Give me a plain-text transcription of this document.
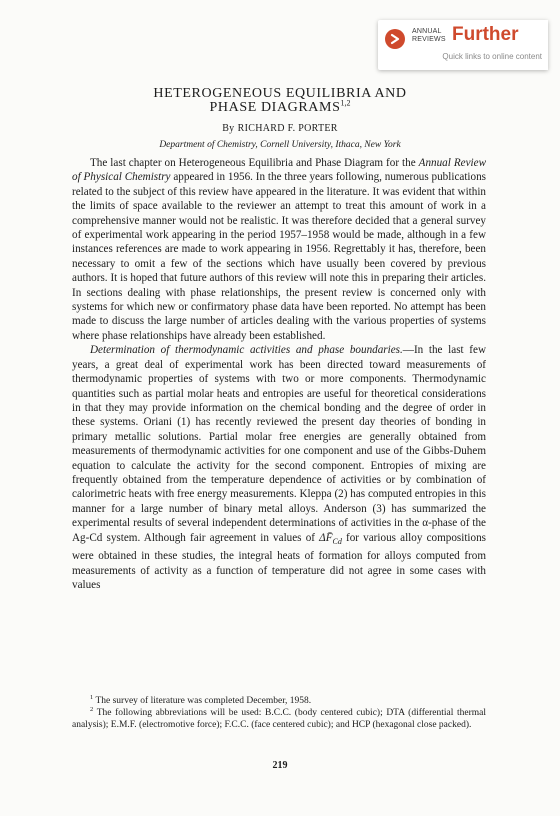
ANNUAL
REVIEWS Further
Quick links to online content
HETEROGENEOUS EQUILIBRIA AND
PHASE DIAGRAMS$^{1,2}$
By RICHARD F. PORTER
Department of Chemistry, Cornell University, Ithaca, New York

The last chapter on Heterogeneous Equilibria and Phase Diagram for the Annual Review of Physical Chemistry appeared in 1956. In the three years following, numerous publications related to the subject of this review have appeared in the literature. It was evident that within the limits of space available to the reviewer an attempt to treat this amount of work in a comprehensive manner would not be realistic. It was therefore decided that a general survey of experimental work appearing in the period 1957–1958 would be made, although in a few instances references are made to work appearing in 1956. Regrettably it has, therefore, been necessary to omit a few of the sections which have usually been covered by previous authors. It is hoped that future authors of this review will note this in preparing their articles. In sections dealing with phase relationships, the present review is concerned only with systems for which new or confirmatory phase data have been reported. No attempt has been made to discuss the large number of articles dealing with the various properties of systems where phase relationships have already been established.

Determination of thermodynamic activities and phase boundaries.—In the last few years, a great deal of experimental work has been directed toward measurements of thermodynamic properties of systems with two or more components. Thermodynamic quantities such as partial molar heats and entropies are useful for theoretical considerations in that they may provide information on the chemical bonding and the degree of order in these systems. Oriani (1) has recently reviewed the present day theories of bonding in primary metallic solutions. Partial molar free energies are generally obtained from measurements of thermodynamic activities for one component and use of the Gibbs-Duhem equation to calculate the activity for the second component. Entropies of mixing are frequently obtained from the temperature dependence of activities or by combination of calorimetric heats with free energy measurements. Kleppa (2) has computed entropies in this manner for a large number of binary metal alloys. Anderson (3) has summarized the experimental results of several independent determinations of activities in the α-phase of the Ag-Cd system. Although fair agreement in values of $\Delta F̄_{Cd}$ for various alloy compositions were obtained in these studies, the integral heats of formation for alloys computed from measurements of activity as a function of temperature did not agree in some cases with values

$^1$ The survey of literature was completed December, 1958.

$^2$ The following abbreviations will be used: B.C.C. (body centered cubic); DTA (differential thermal analysis); E.M.F. (electromotive force); F.C.C. (face centered cubic); and HCP (hexagonal close packed).

219
